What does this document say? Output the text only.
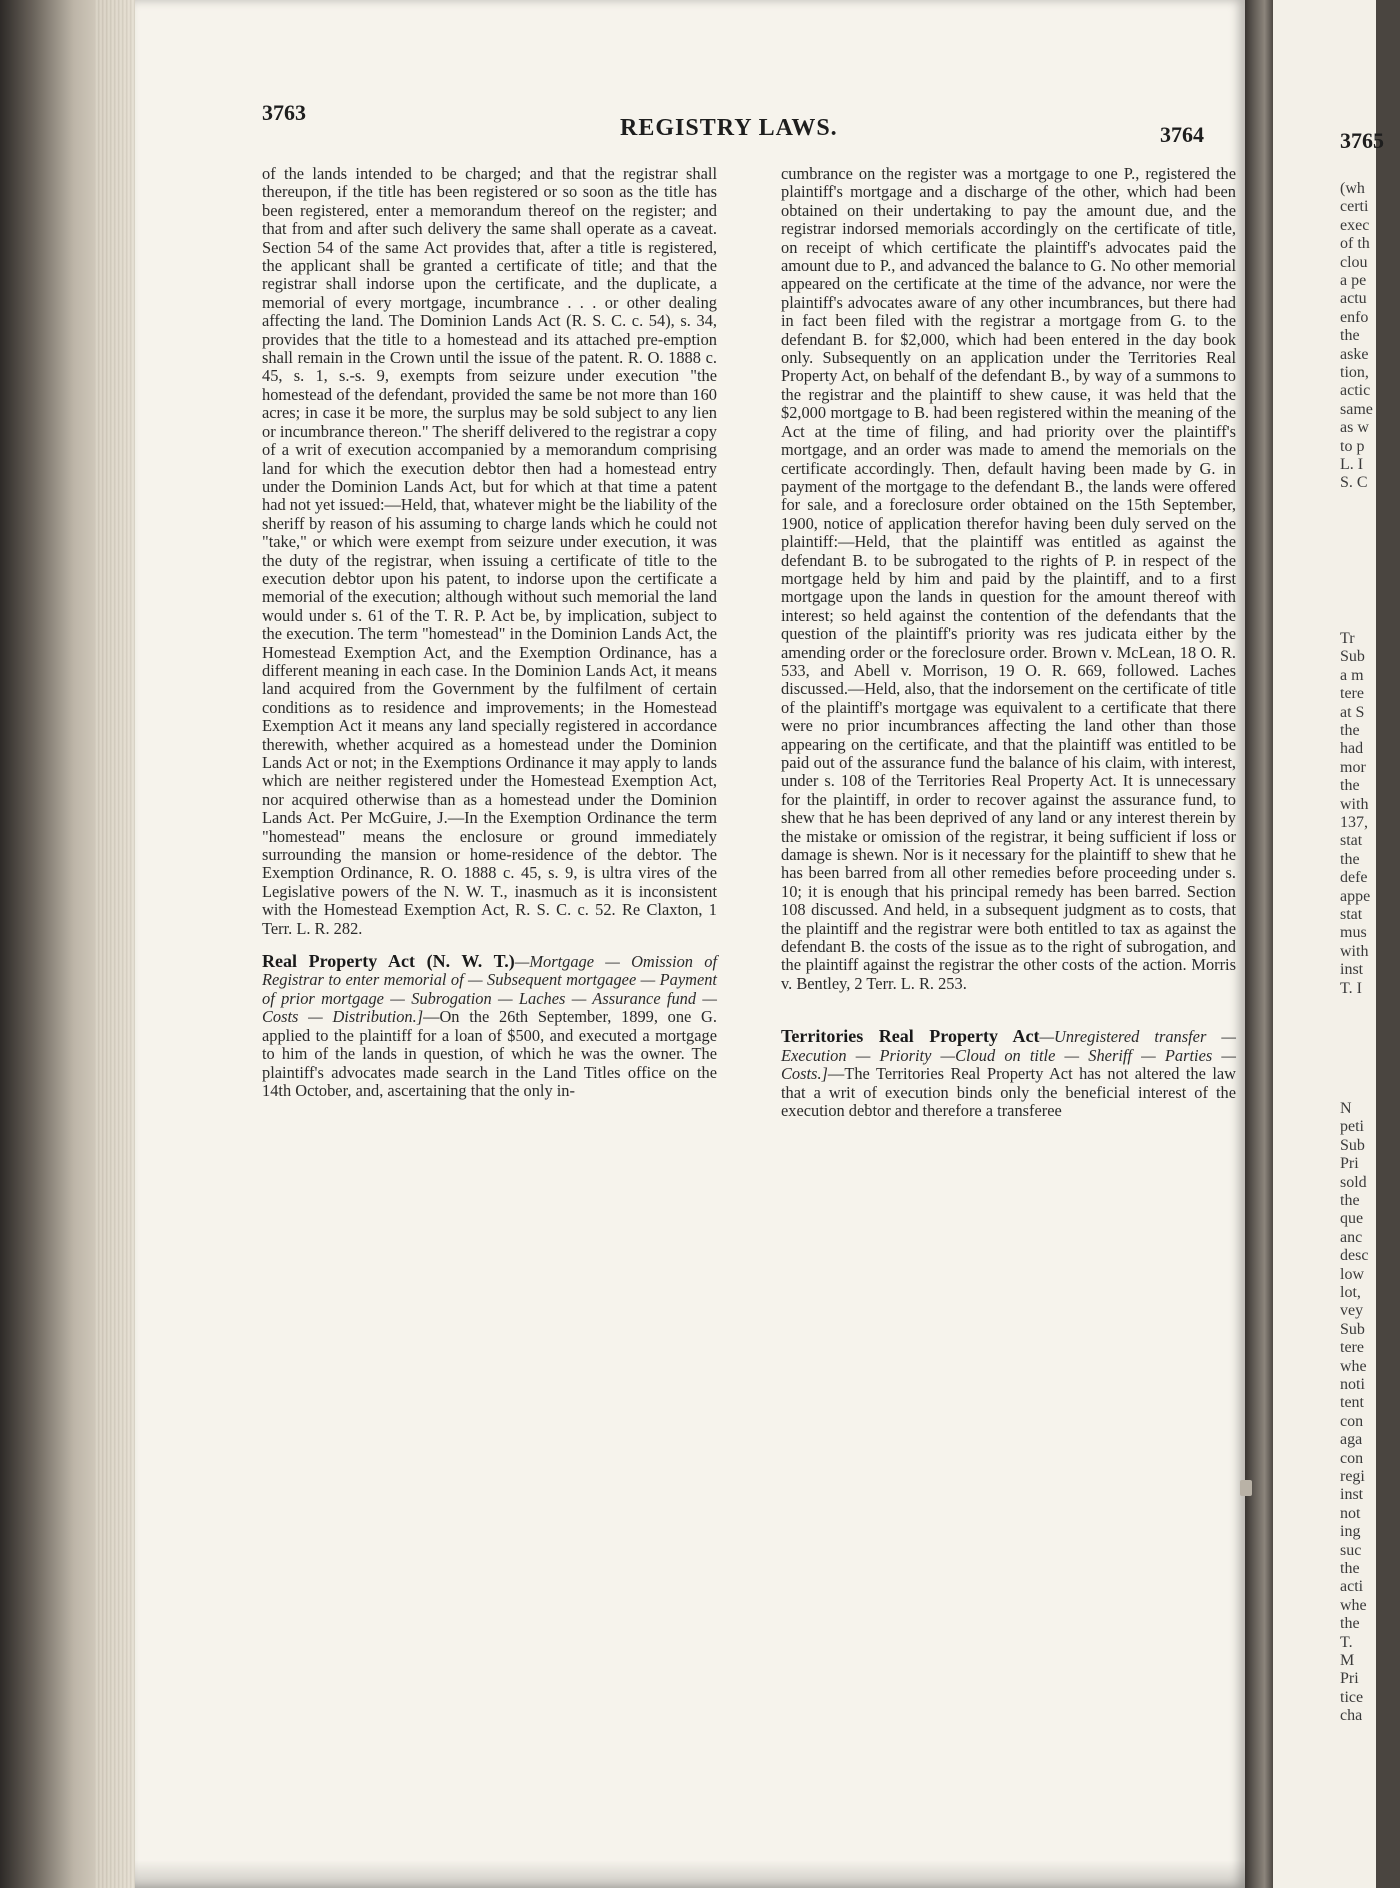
3763
REGISTRY LAWS.	3764

of the lands intended to be charged; and that the registrar shall thereupon, if the title has been registered or so soon as the title has been registered, enter a memorandum thereof on the register; and that from and after such delivery the same shall operate as a caveat. Section 54 of the same Act provides that, after a title is registered, the applicant shall be granted a certificate of title; and that the registrar shall indorse upon the certificate, and the duplicate, a memorial of every mortgage, incumbrance . . . or other dealing affecting the land. The Dominion Lands Act (R. S. C. c. 54), s. 34, provides that the title to a homestead and its attached pre-emption shall remain in the Crown until the issue of the patent. R. O. 1888 c. 45, s. 1, s.-s. 9, exempts from seizure under execution "the homestead of the defendant, provided the same be not more than 160 acres; in case it be more, the surplus may be sold subject to any lien or incumbrance thereon." The sheriff delivered to the registrar a copy of a writ of execution accompanied by a memorandum comprising land for which the execution debtor then had a homestead entry under the Dominion Lands Act, but for which at that time a patent had not yet issued:—Held, that, whatever might be the liability of the sheriff by reason of his assuming to charge lands which he could not "take," or which were exempt from seizure under execution, it was the duty of the registrar, when issuing a certificate of title to the execution debtor upon his patent, to indorse upon the certificate a memorial of the execution; although without such memorial the land would under s. 61 of the T. R. P. Act be, by implication, subject to the execution. The term "homestead" in the Dominion Lands Act, the Homestead Exemption Act, and the Exemption Ordinance, has a different meaning in each case. In the Dominion Lands Act, it means land acquired from the Government by the fulfilment of certain conditions as to residence and improvements; in the Homestead Exemption Act it means any land specially registered in accordance therewith, whether acquired as a homestead under the Dominion Lands Act or not; in the Exemptions Ordinance it may apply to lands which are neither registered under the Homestead Exemption Act, nor acquired otherwise than as a homestead under the Dominion Lands Act. Per McGuire, J.—In the Exemption Ordinance the term "homestead" means the enclosure or ground immediately surrounding the mansion or home-residence of the debtor. The Exemption Ordinance, R. O. 1888 c. 45, s. 9, is ultra vires of the Legislative powers of the N. W. T., inasmuch as it is inconsistent with the Homestead Exemption Act, R. S. C. c. 52. Re Claxton, 1 Terr. L. R. 282.

Real Property Act (N. W. T.)—Mortgage — Omission of Registrar to enter memorial of — Subsequent mortgagee — Payment of prior mortgage — Subrogation — Laches — Assurance fund — Costs — Distribution.]—On the 26th September, 1899, one G. applied to the plaintiff for a loan of $500, and executed a mortgage to him of the lands in question, of which he was the owner. The plaintiff's advocates made search in the Land Titles office on the 14th October, and, ascertaining that the only in-

cumbrance on the register was a mortgage to one P., registered the plaintiff's mortgage and a discharge of the other, which had been obtained on their undertaking to pay the amount due, and the registrar indorsed memorials accordingly on the certificate of title, on receipt of which certificate the plaintiff's advocates paid the amount due to P., and advanced the balance to G. No other memorial appeared on the certificate at the time of the advance, nor were the plaintiff's advocates aware of any other incumbrances, but there had in fact been filed with the registrar a mortgage from G. to the defendant B. for $2,000, which had been entered in the day book only. Subsequently on an application under the Territories Real Property Act, on behalf of the defendant B., by way of a summons to the registrar and the plaintiff to shew cause, it was held that the $2,000 mortgage to B. had been registered within the meaning of the Act at the time of filing, and had priority over the plaintiff's mortgage, and an order was made to amend the memorials on the certificate accordingly. Then, default having been made by G. in payment of the mortgage to the defendant B., the lands were offered for sale, and a foreclosure order obtained on the 15th September, 1900, notice of application therefor having been duly served on the plaintiff:—Held, that the plaintiff was entitled as against the defendant B. to be subrogated to the rights of P. in respect of the mortgage held by him and paid by the plaintiff, and to a first mortgage upon the lands in question for the amount thereof with interest; so held against the contention of the defendants that the question of the plaintiff's priority was res judicata either by the amending order or the foreclosure order. Brown v. McLean, 18 O. R. 533, and Abell v. Morrison, 19 O. R. 669, followed. Laches discussed.—Held, also, that the indorsement on the certificate of title of the plaintiff's mortgage was equivalent to a certificate that there were no prior incumbrances affecting the land other than those appearing on the certificate, and that the plaintiff was entitled to be paid out of the assurance fund the balance of his claim, with interest, under s. 108 of the Territories Real Property Act. It is unnecessary for the plaintiff, in order to recover against the assurance fund, to shew that he has been deprived of any land or any interest therein by the mistake or omission of the registrar, it being sufficient if loss or damage is shewn. Nor is it necessary for the plaintiff to shew that he has been barred from all other remedies before proceeding under s. 10; it is enough that his principal remedy has been barred. Section 108 discussed. And held, in a subsequent judgment as to costs, that the plaintiff and the registrar were both entitled to tax as against the defendant B. the costs of the issue as to the right of subrogation, and the plaintiff against the registrar the other costs of the action. Morris v. Bentley, 2 Terr. L. R. 253.

Territories Real Property Act—Unregistered transfer — Execution — Priority —Cloud on title — Sheriff — Parties — Costs.]—The Territories Real Property Act has not altered the law that a writ of execution binds only the beneficial interest of the execution debtor and therefore a transferee

3765
(wh
certi
exec
of th
clou
a pe
actu
enfo
the
aske
tion,
actic
same
as w
to p
L. I
S. C
Tr
Sub
a m
tere
at S
the
had
mor
the
with
137,
stat
the
defe
appe
stat
mus
with
inst
T. I
N
peti
Sub
Pri
sold
the
que
anc
desc
low
lot,
vey
Sub
tere
whe
noti
tent
con
aga
con
regi
inst
not
ing
suc
the
acti
whe
the
T.
M
Pri
tice
cha
